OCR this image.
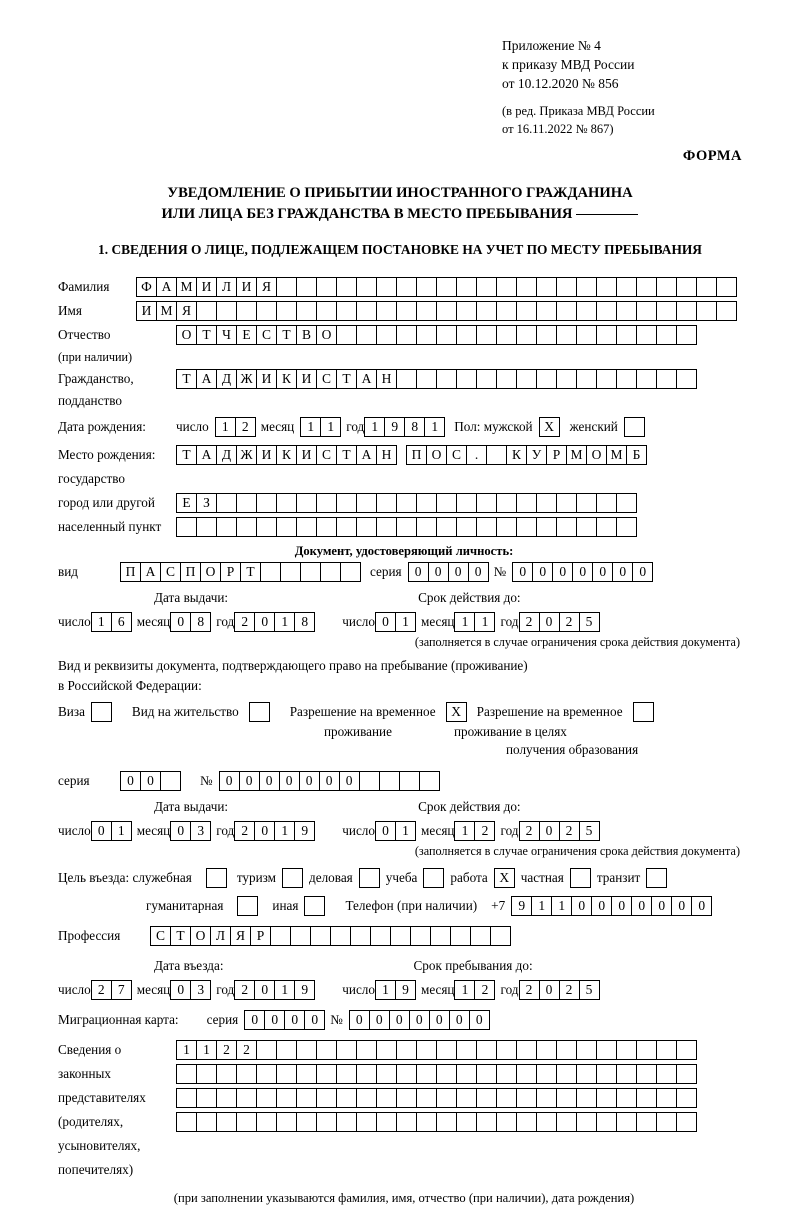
Приложение № 4
к приказу МВД России
от 10.12.2020 № 856
(в ред. Приказа МВД России
от 16.11.2022 № 867)
ФОРМА
УВЕДОМЛЕНИЕ О ПРИБЫТИИ ИНОСТРАННОГО ГРАЖДАНИНА
ИЛИ ЛИЦА БЕЗ ГРАЖДАНСТВА В МЕСТО ПРЕБЫВАНИЯ
1. СВЕДЕНИЯ О ЛИЦЕ, ПОДЛЕЖАЩЕМ ПОСТАНОВКЕ НА УЧЕТ ПО МЕСТУ ПРЕБЫВАНИЯ
Фамилия	Ф А М И Л И Я
Имя	И М Я
Отчество	О Т Ч Е С Т В О
(при наличии)
Гражданство,	Т А Д Ж И К И С Т А Н
подданство
Дата рождения:	число 1 2 месяц 1 1 год 1 9 8 1	Пол: мужской Х	женский
Место рождения:	Т А Д Ж И К И С Т А Н	П О С	.	К У Р М О М Б
государство
город или другой	Е З
населенный пункт
Документ, удостоверяющий личность:
вид	П А С П О Р Т	серия 0 0 0 0 № 0 0 0 0 0 0 0
Дата выдачи:	Срок действия до:
число 1 6 месяц 0 8 год 2 0 1 8	число 0 1 месяц 1 1 год 2 0 2 5
(заполняется в случае ограничения срока действия документа)
Вид и реквизиты документа, подтверждающего право на пребывание (проживание)
в Российской Федерации:
Виза	Вид на жительство	Разрешение на временное	Х	Разрешение на временное
проживание	проживание в целях
получения образования
серия	0 0	№ 0 0 0 0 0 0 0
Дата выдачи:	Срок действия до:
число 0 1 месяц 0 3 год 2 0 1 9	число 0 1 месяц 1 2 год 2 0 2 5
(заполняется в случае ограничения срока действия документа)
Цель въезда: служебная	туризм	деловая	учеба	работа Х частная	транзит
гуманитарная	иная	Телефон (при наличии) +7 9 1 1 0 0 0 0 0 0 0
Профессия	С Т О Л Я Р
Дата въезда:	Срок пребывания до:
число 2 7 месяц 0 3 год 2 0 1 9	число 1 9 месяц 1 2 год 2 0 2 5
Миграционная карта: серия 0 0 0 0 № 0 0 0 0 0 0 0
Сведения о	1 1 2 2
законных
представителях
(родителях,
усыновителях,
попечителях)
(при заполнении указываются фамилия, имя, отчество (при наличии), дата рождения)
